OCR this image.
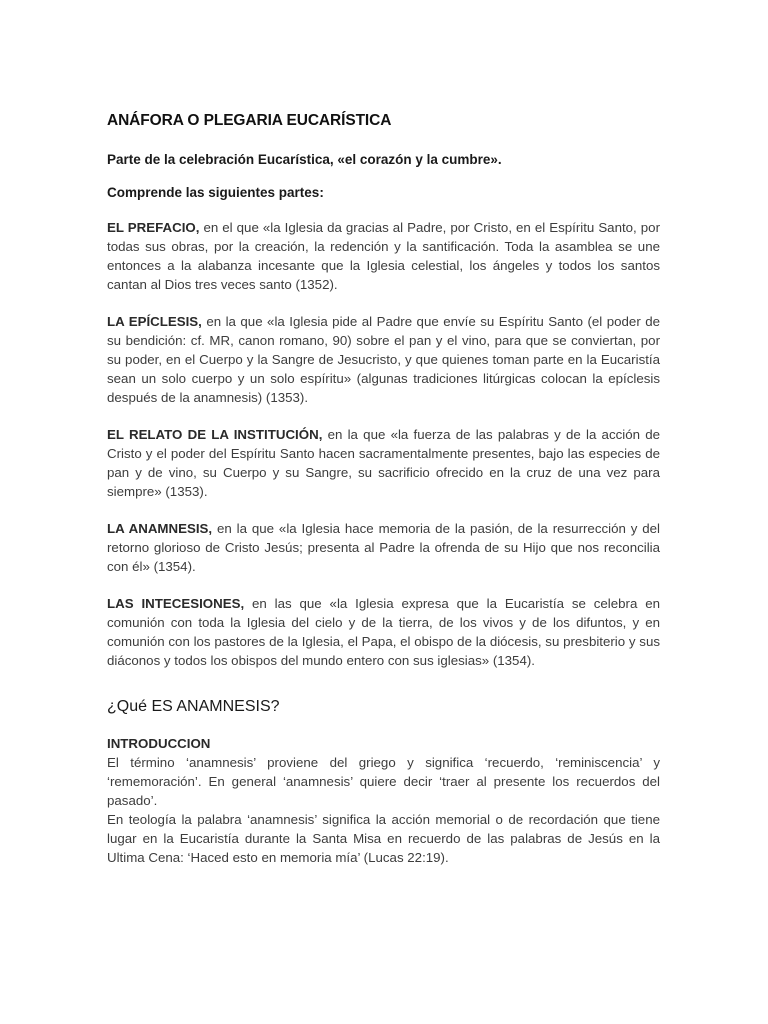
ANÁFORA O PLEGARIA EUCARÍSTICA
Parte de la celebración Eucarística, «el corazón y la cumbre».
Comprende las siguientes partes:

EL PREFACIO, en el que «la Iglesia da gracias al Padre, por Cristo, en el Espíritu Santo, por todas sus obras, por la creación, la redención y la santificación. Toda la asamblea se une entonces a la alabanza incesante que la Iglesia celestial, los ángeles y todos los santos cantan al Dios tres veces santo (1352).

LA EPÍCLESIS, en la que «la Iglesia pide al Padre que envíe su Espíritu Santo (el poder de su bendición: cf. MR, canon romano, 90) sobre el pan y el vino, para que se conviertan, por su poder, en el Cuerpo y la Sangre de Jesucristo, y que quienes toman parte en la Eucaristía sean un solo cuerpo y un solo espíritu» (algunas tradiciones litúrgicas colocan la epíclesis después de la anamnesis) (1353).

EL RELATO DE LA INSTITUCIÓN, en la que «la fuerza de las palabras y de la acción de Cristo y el poder del Espíritu Santo hacen sacramentalmente presentes, bajo las especies de pan y de vino, su Cuerpo y su Sangre, su sacrificio ofrecido en la cruz de una vez para siempre» (1353).

LA ANAMNESIS, en la que «la Iglesia hace memoria de la pasión, de la resurrección y del retorno glorioso de Cristo Jesús; presenta al Padre la ofrenda de su Hijo que nos reconcilia con él» (1354).

LAS INTECESIONES, en las que «la Iglesia expresa que la Eucaristía se celebra en comunión con toda la Iglesia del cielo y de la tierra, de los vivos y de los difuntos, y en comunión con los pastores de la Iglesia, el Papa, el obispo de la diócesis, su presbiterio y sus diáconos y todos los obispos del mundo entero con sus iglesias» (1354).

¿Qué ES ANAMNESIS?
INTRODUCCION

El término ‘anamnesis’ proviene del griego y significa ‘recuerdo, ‘reminiscencia’ y ‘rememoración’. En general ‘anamnesis’ quiere decir ‘traer al presente los recuerdos del pasado’.

En teología la palabra ‘anamnesis’ significa la acción memorial o de recordación que tiene lugar en la Eucaristía durante la Santa Misa en recuerdo de las palabras de Jesús en la Ultima Cena: ‘Haced esto en memoria mía’ (Lucas 22:19).
